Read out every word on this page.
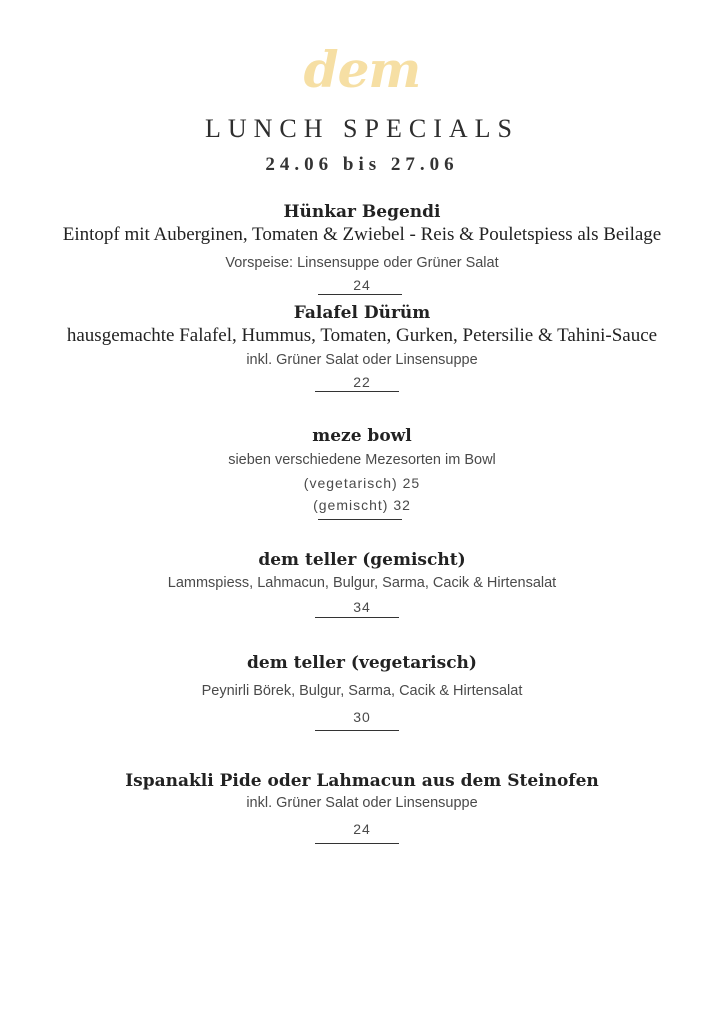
dem
LUNCH SPECIALS
24.06 bis 27.06
Hünkar Begendi
Eintopf mit Auberginen, Tomaten & Zwiebel - Reis & Pouletspiess als Beilage
Vorspeise: Linsensuppe oder Grüner Salat
24
Falafel Dürüm
hausgemachte Falafel, Hummus, Tomaten, Gurken, Petersilie & Tahini-Sauce
inkl. Grüner Salat oder Linsensuppe
22
meze bowl
sieben verschiedene Mezesorten im Bowl
(vegetarisch) 25
(gemischt) 32
dem teller (gemischt)
Lammspiess, Lahmacun, Bulgur, Sarma, Cacik & Hirtensalat
34
dem teller (vegetarisch)
Peynirli Börek, Bulgur, Sarma, Cacik & Hirtensalat
30
Ispanakli Pide oder Lahmacun aus dem Steinofen
inkl. Grüner Salat oder Linsensuppe
24
